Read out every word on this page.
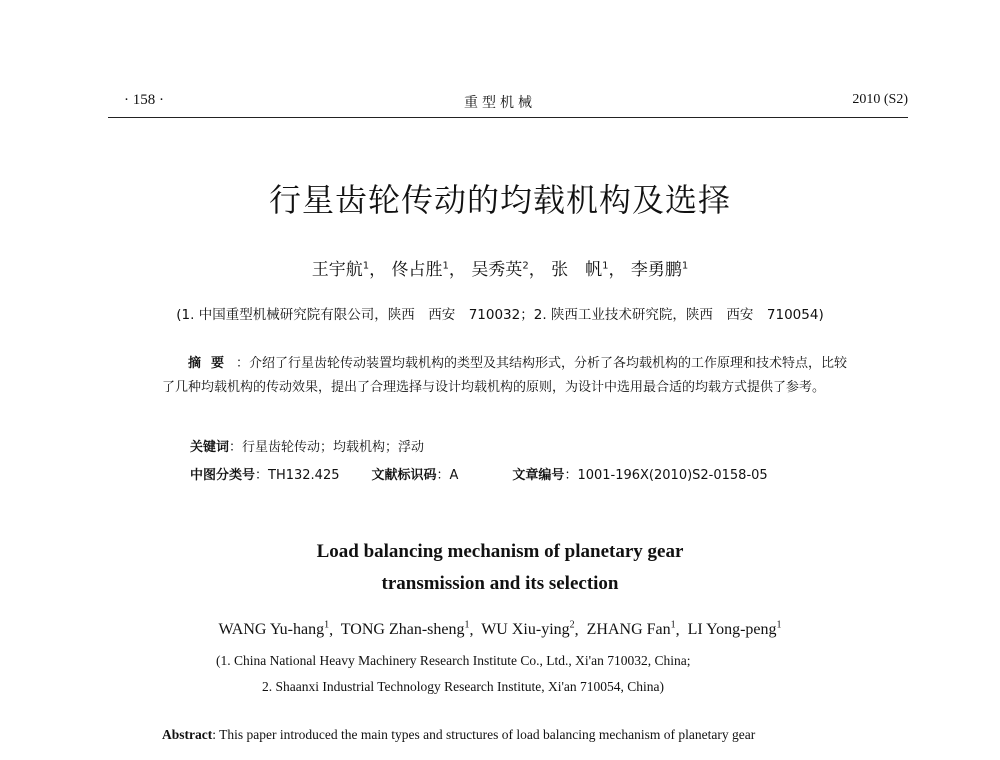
· 158 ·	重型机械	2010 (S2)
行星齿轮传动的均载机构及选择
王宇航$^1$， 佟占胜$^1$， 吴秀英$^2$， 张　帆$^1$， 李勇鹏$^1$
(1. 中国重型机械研究院有限公司，陕西　西安　710032；2. 陕西工业技术研究院，陕西　西安　710054)
摘要 ：介绍了行星齿轮传动装置均载机构的类型及其结构形式，分析了各均载机构的工作原理和技术特点，比较了几种均载机构的传动效果，提出了合理选择与设计均载机构的原则，为设计中选用最合适的均载方式提供了参考。
关键词：行星齿轮传动；均载机构；浮动
中图分类号：TH132.425 文献标识码：A	文章编号：1001-196X(2010)S2-0158-05
Load balancing mechanism of planetary gear
transmission and its selection
WANG Yu-hang$^1$,  TONG Zhan-sheng$^1$,  WU Xiu-ying$^2$,  ZHANG Fan$^1$,  LI Yong-peng$^1$
(1. China National Heavy Machinery Research Institute Co., Ltd., Xi'an 710032, China;
2. Shaanxi Industrial Technology Research Institute, Xi'an 710054, China)
Abstract: This paper introduced the main types and structures of load balancing mechanism of planetary gear
